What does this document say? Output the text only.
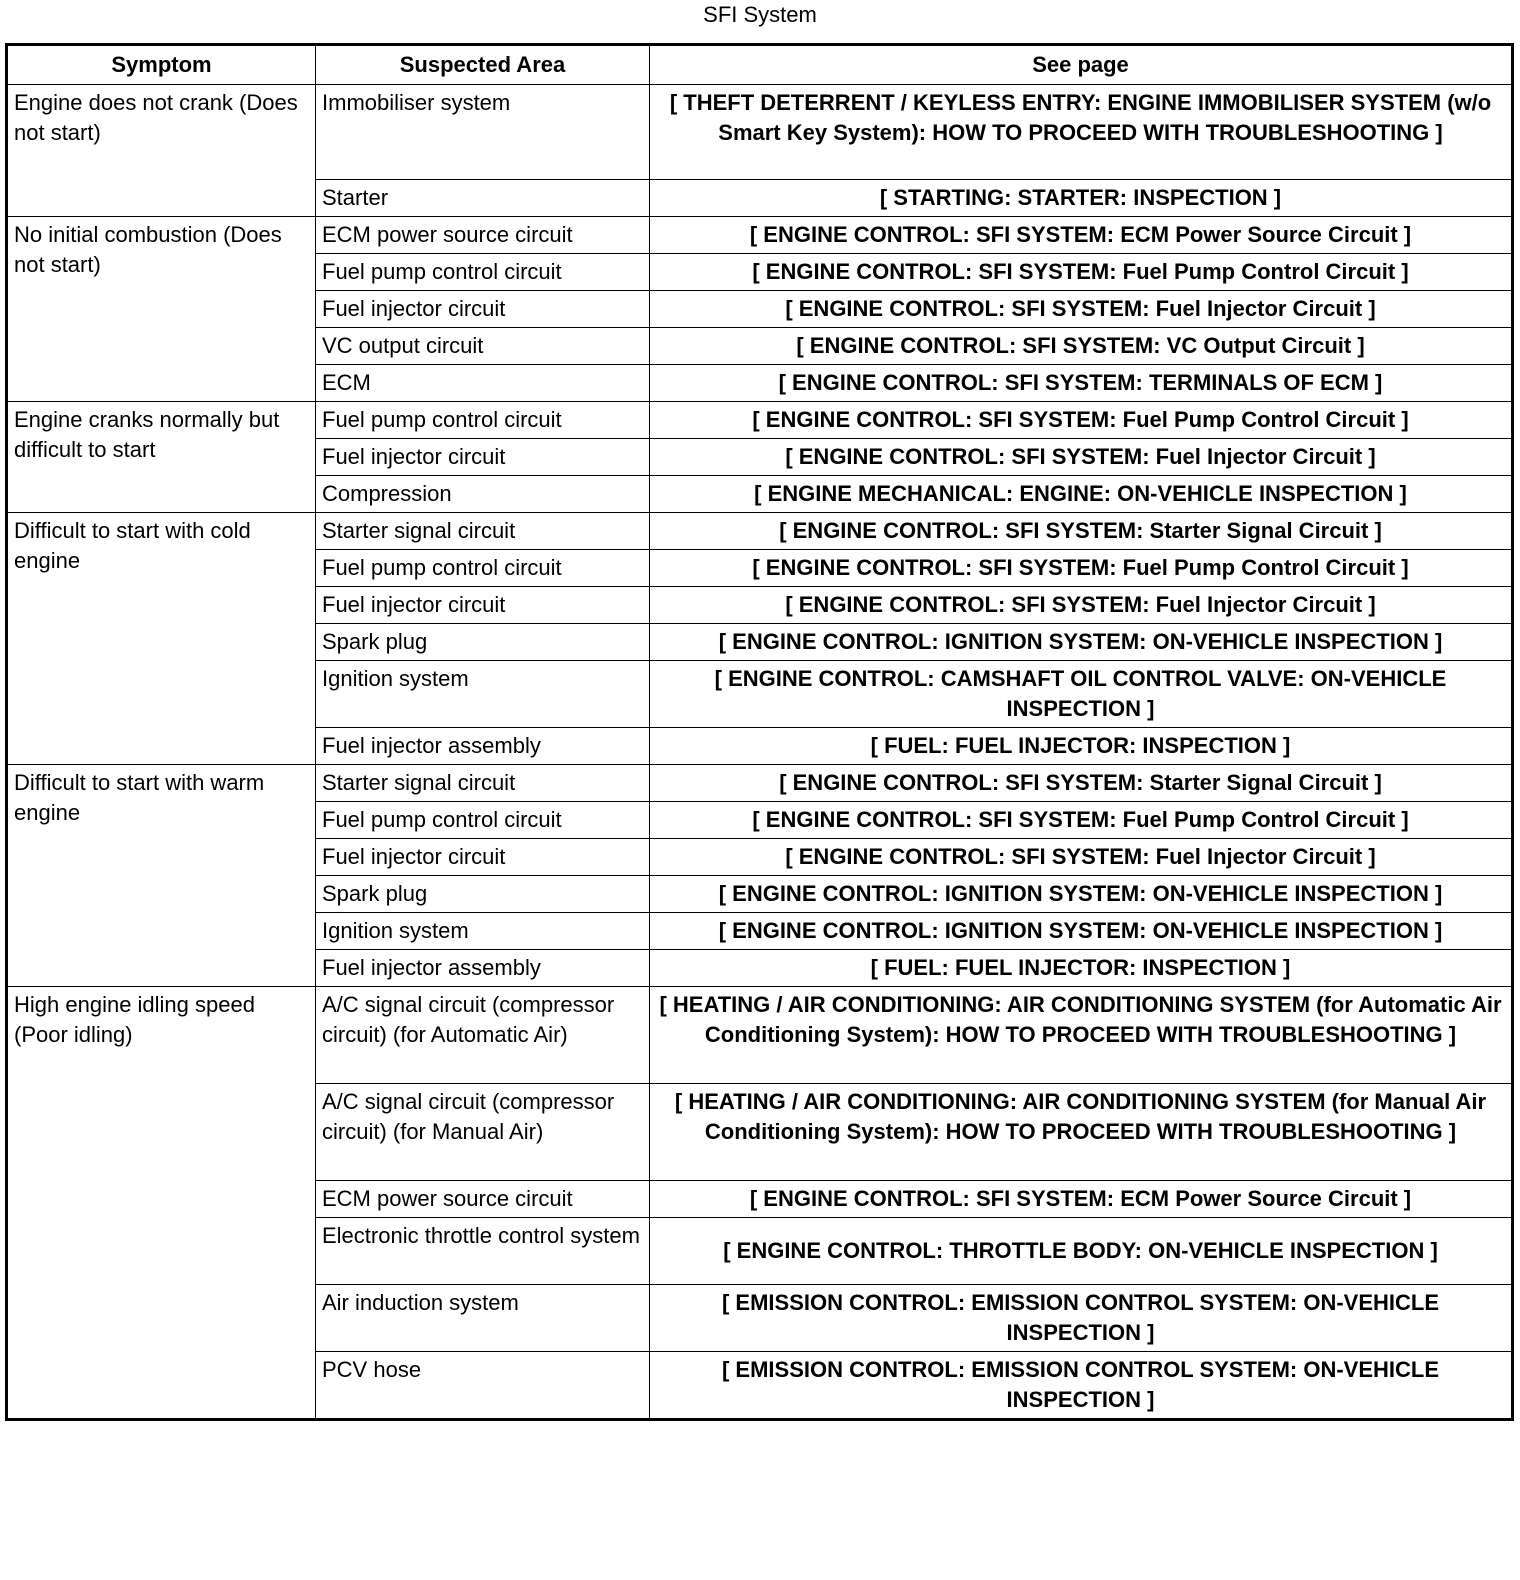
SFI System
Symptom	Suspected Area	See page
Engine does not crank (Does not start)	Immobiliser system	[ THEFT DETERRENT / KEYLESS ENTRY: ENGINE IMMOBILISER SYSTEM (w/o Smart Key System): HOW TO PROCEED WITH TROUBLESHOOTING ]
	Starter	[ STARTING: STARTER: INSPECTION ]
No initial combustion (Does not start)	ECM power source circuit	[ ENGINE CONTROL: SFI SYSTEM: ECM Power Source Circuit ]
	Fuel pump control circuit	[ ENGINE CONTROL: SFI SYSTEM: Fuel Pump Control Circuit ]
	Fuel injector circuit	[ ENGINE CONTROL: SFI SYSTEM: Fuel Injector Circuit ]
	VC output circuit	[ ENGINE CONTROL: SFI SYSTEM: VC Output Circuit ]
	ECM	[ ENGINE CONTROL: SFI SYSTEM: TERMINALS OF ECM ]
Engine cranks normally but difficult to start	Fuel pump control circuit	[ ENGINE CONTROL: SFI SYSTEM: Fuel Pump Control Circuit ]
	Fuel injector circuit	[ ENGINE CONTROL: SFI SYSTEM: Fuel Injector Circuit ]
	Compression	[ ENGINE MECHANICAL: ENGINE: ON-VEHICLE INSPECTION ]
Difficult to start with cold engine	Starter signal circuit	[ ENGINE CONTROL: SFI SYSTEM: Starter Signal Circuit ]
	Fuel pump control circuit	[ ENGINE CONTROL: SFI SYSTEM: Fuel Pump Control Circuit ]
	Fuel injector circuit	[ ENGINE CONTROL: SFI SYSTEM: Fuel Injector Circuit ]
	Spark plug	[ ENGINE CONTROL: IGNITION SYSTEM: ON-VEHICLE INSPECTION ]
	Ignition system	[ ENGINE CONTROL: CAMSHAFT OIL CONTROL VALVE: ON-VEHICLE INSPECTION ]
	Fuel injector assembly	[ FUEL: FUEL INJECTOR: INSPECTION ]
Difficult to start with warm engine	Starter signal circuit	[ ENGINE CONTROL: SFI SYSTEM: Starter Signal Circuit ]
	Fuel pump control circuit	[ ENGINE CONTROL: SFI SYSTEM: Fuel Pump Control Circuit ]
	Fuel injector circuit	[ ENGINE CONTROL: SFI SYSTEM: Fuel Injector Circuit ]
	Spark plug	[ ENGINE CONTROL: IGNITION SYSTEM: ON-VEHICLE INSPECTION ]
	Ignition system	[ ENGINE CONTROL: IGNITION SYSTEM: ON-VEHICLE INSPECTION ]
	Fuel injector assembly	[ FUEL: FUEL INJECTOR: INSPECTION ]
High engine idling speed (Poor idling)	A/C signal circuit (compressor circuit) (for Automatic Air)	[ HEATING / AIR CONDITIONING: AIR CONDITIONING SYSTEM (for Automatic Air Conditioning System): HOW TO PROCEED WITH TROUBLESHOOTING ]
	A/C signal circuit (compressor circuit) (for Manual Air)	[ HEATING / AIR CONDITIONING: AIR CONDITIONING SYSTEM (for Manual Air Conditioning System): HOW TO PROCEED WITH TROUBLESHOOTING ]
	ECM power source circuit	[ ENGINE CONTROL: SFI SYSTEM: ECM Power Source Circuit ]
	Electronic throttle control system	[ ENGINE CONTROL: THROTTLE BODY: ON-VEHICLE INSPECTION ]
	Air induction system	[ EMISSION CONTROL: EMISSION CONTROL SYSTEM: ON-VEHICLE INSPECTION ]
	PCV hose	[ EMISSION CONTROL: EMISSION CONTROL SYSTEM: ON-VEHICLE INSPECTION ]
